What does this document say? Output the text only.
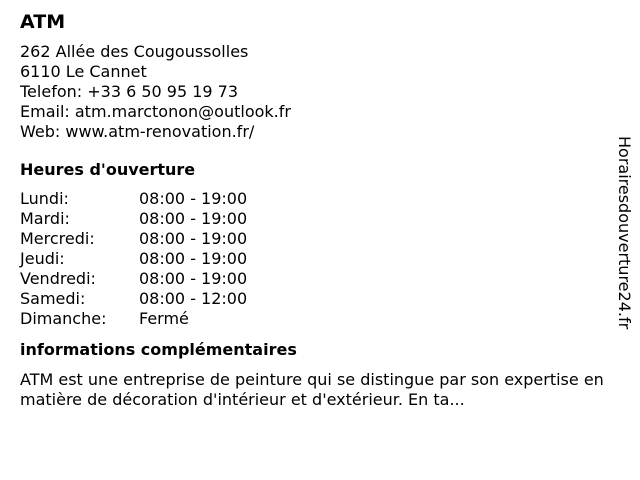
ATM
262 Allée des Cougoussolles
6110 Le Cannet
Telefon: +33 6 50 95 19 73
Email: atm.marctonon@outlook.fr
Web: www.atm-renovation.fr/
Heures d'ouverture
Lundi:	08:00 - 19:00
Mardi:	08:00 - 19:00
Mercredi:	08:00 - 19:00
Jeudi:	08:00 - 19:00
Vendredi:	08:00 - 19:00
Samedi:	08:00 - 12:00
Dimanche:	Fermé
informations complémentaires
ATM est une entreprise de peinture qui se distingue par son expertise en matière de décoration d'intérieur et d'extérieur. En ta...
Horairesdouverture24.fr
